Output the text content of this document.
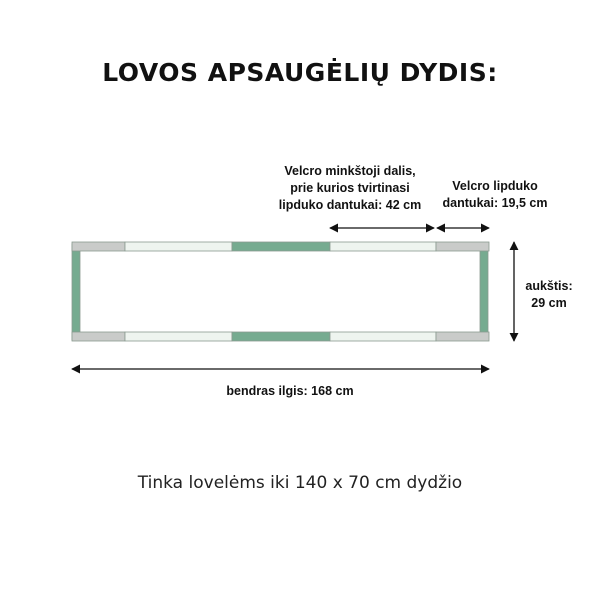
LOVOS APSAUGĖLIŲ DYDIS:
Velcro minkštoji dalis,
prie kurios tvirtinasi
lipduko dantukai: 42 cm
Velcro lipduko
dantukai: 19,5 cm
aukštis:
29 cm
bendras ilgis: 168 cm
Tinka lovelėms iki 140 x 70 cm dydžio
